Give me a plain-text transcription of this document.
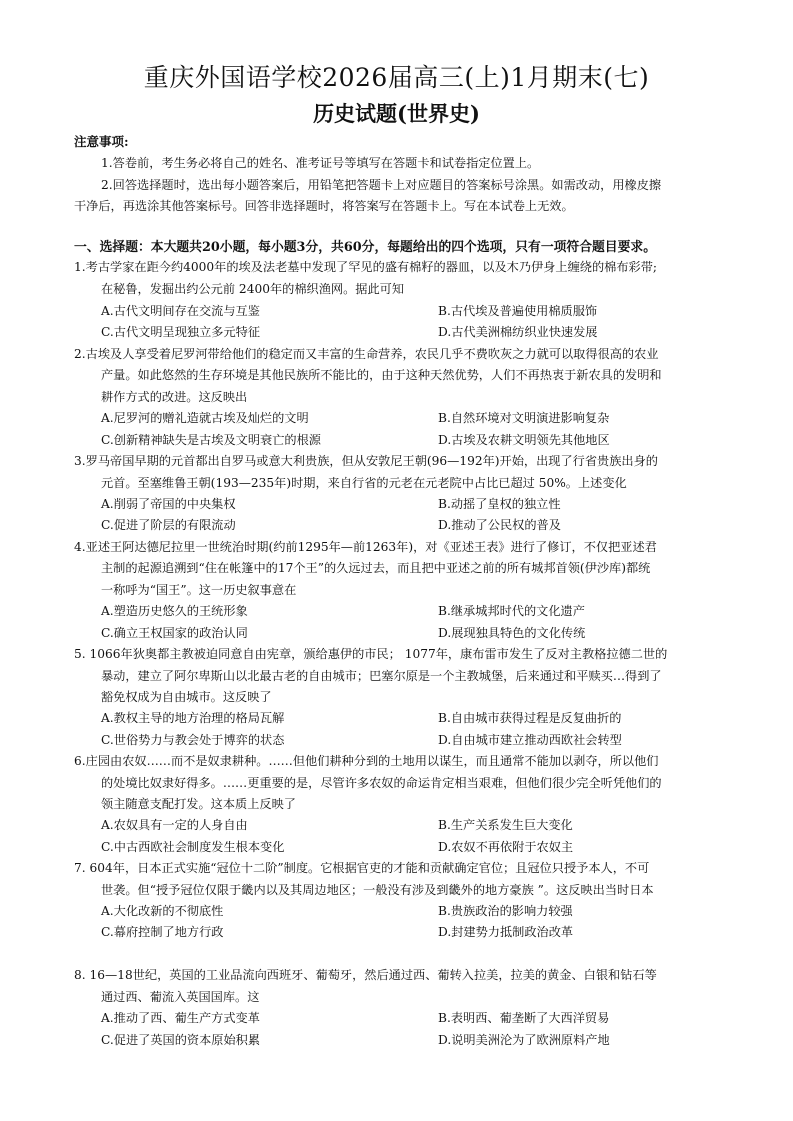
重庆外国语学校2026届高三(上)1月期末(七)
历史试题(世界史)
注意事项:
1.答卷前，考生务必将自己的姓名、准考证号等填写在答题卡和试卷指定位置上。
2.回答选择题时，选出每小题答案后，用铅笔把答题卡上对应题目的答案标号涂黑。如需改动，用橡皮擦
干净后，再选涂其他答案标号。回答非选择题时，将答案写在答题卡上。写在本试卷上无效。
一、选择题：本大题共20小题，每小题3分，共60分，每题给出的四个选项，只有一项符合题目要求。
1.考古学家在距今约4000年的埃及法老墓中发现了罕见的盛有棉籽的器皿，以及木乃伊身上缠绕的棉布彩带;
在秘鲁，发掘出约公元前 2400年的棉织渔网。据此可知
A.古代文明间存在交流与互鉴	B.古代埃及普遍使用棉质服饰
C.古代文明呈现独立多元特征	D.古代美洲棉纺织业快速发展
2.古埃及人享受着尼罗河带给他们的稳定而又丰富的生命营养，农民几乎不费吹灰之力就可以取得很高的农业
产量。如此悠然的生存环境是其他民族所不能比的，由于这种天然优势，人们不再热衷于新农具的发明和
耕作方式的改进。这反映出
A.尼罗河的赠礼造就古埃及灿烂的文明	B.自然环境对文明演进影响复杂
C.创新精神缺失是古埃及文明衰亡的根源	D.古埃及农耕文明领先其他地区
3.罗马帝国早期的元首都出自罗马或意大利贵族，但从安敦尼王朝(96—192年)开始，出现了行省贵族出身的
元首。至塞维鲁王朝(193—235年)时期，来自行省的元老在元老院中占比已超过 50%。上述变化
A.削弱了帝国的中央集权	B.动摇了皇权的独立性
C.促进了阶层的有限流动	D.推动了公民权的普及
4.亚述王阿达德尼拉里一世统治时期(约前1295年—前1263年)，对《亚述王表》进行了修订，不仅把亚述君
主制的起源追溯到“住在帐篷中的17个王”的久远过去，而且把中亚述之前的所有城邦首领(伊沙库)都统
一称呼为“国王”。这一历史叙事意在
A.塑造历史悠久的王统形象	B.继承城邦时代的文化遗产
C.确立王权国家的政治认同	D.展现独具特色的文化传统
5. 1066年狄奥都主教被迫同意自由宪章，颁给惠伊的市民； 1077年，康布雷市发生了反对主教格拉德二世的
暴动，建立了阿尔卑斯山以北最古老的自由城市；巴塞尔原是一个主教城堡，后来通过和平赎买…得到了
豁免权成为自由城市。这反映了
A.教权主导的地方治理的格局瓦解	B.自由城市获得过程是反复曲折的
C.世俗势力与教会处于博弈的状态	D.自由城市建立推动西欧社会转型
6.庄园由农奴……而不是奴隶耕种。……但他们耕种分到的土地用以谋生，而且通常不能加以剥夺，所以他们
的处境比奴隶好得多。……更重要的是，尽管许多农奴的命运肯定相当艰难，但他们很少完全听凭他们的
领主随意支配打发。这本质上反映了
A.农奴具有一定的人身自由	B.生产关系发生巨大变化
C.中古西欧社会制度发生根本变化	D.农奴不再依附于农奴主
7. 604年，日本正式实施“冠位十二阶”制度。它根据官吏的才能和贡献确定官位；且冠位只授予本人，不可
世袭。但“授予冠位仅限于畿内以及其周边地区；一般没有涉及到畿外的地方豪族 ”。这反映出当时日本
A.大化改新的不彻底性	B.贵族政治的影响力较强
C.幕府控制了地方行政	D.封建势力抵制政治改革
8. 16—18世纪，英国的工业品流向西班牙、葡萄牙，然后通过西、葡转入拉美，拉美的黄金、白银和钻石等
通过西、葡流入英国国库。这
A.推动了西、葡生产方式变革	B.表明西、葡垄断了大西洋贸易
C.促进了英国的资本原始积累	D.说明美洲沦为了欧洲原料产地
